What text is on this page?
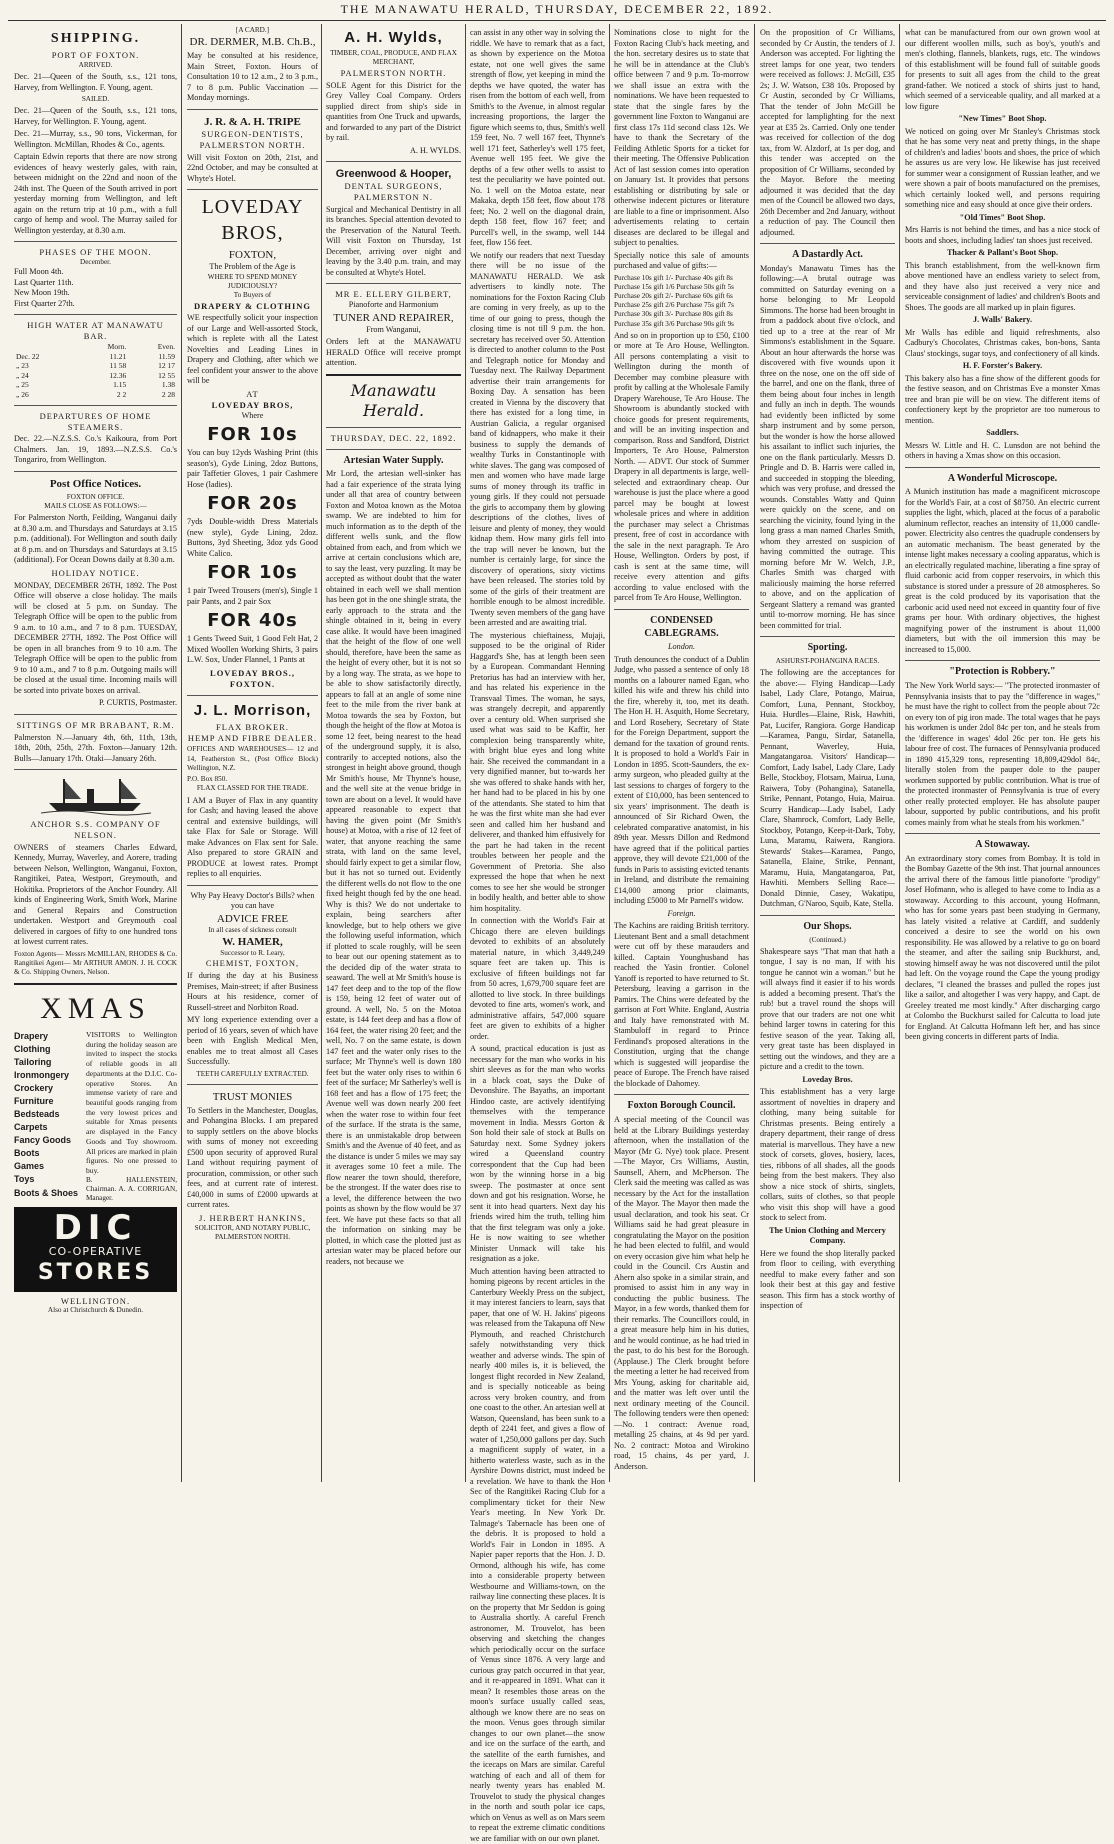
THE MANAWATU HERALD, THURSDAY, DECEMBER 22, 1892.
SHIPPING.
PORT OF FOXTON.
ARRIVED.

Dec. 21—Queen of the South, s.s., 121 tons, Harvey, from Wellington. F. Young, agent.

SAILED.

Dec. 21—Queen of the South, s.s., 121 tons, Harvey, for Wellington. F. Young, agent.

Dec. 21—Murray, s.s., 90 tons, Vickerman, for Wellington. McMillan, Rhodes & Co., agents.

Captain Edwin reports that there are now strong evidences of heavy westerly gales, with rain, between midnight on the 22nd and noon of the 24th inst. The Queen of the South arrived in port yesterday morning from Wellington, and left again on the return trip at 10 p.m., with a full cargo of hemp and wool. The Murray sailed for Wellington yesterday, at 8.30 a.m.

PHASES OF THE MOON.
December.
Full Moon 4th.
Last Quarter 11th.
New Moon 19th.
First Quarter 27th.
HIGH WATER AT MANAWATU BAR.
	Morn.	Even.
Dec. 22	11.21	11.59
„ 23	11 58	12 17
„ 24	12.36	12 55
„ 25	1.15	1.38
„ 26	2 2	2 28
DEPARTURES OF HOME STEAMERS.

Dec. 22.—N.Z.S.S. Co.'s Kaikoura, from Port Chalmers. Jan. 19, 1893.—N.Z.S.S. Co.'s Tongariro, from Wellington.

Post Office Notices.
FOXTON OFFICE.
MAILS CLOSE AS FOLLOWS:—

For Palmerston North, Feilding, Wanganui daily at 8.30 a.m. and Thursdays and Saturdays at 3.15 p.m. (additional). For Wellington and south daily at 8 p.m. and on Thursdays and Saturdays at 3.15 (additional). For Ocean Downs daily at 8.30 a.m.

HOLIDAY NOTICE.

MONDAY, DECEMBER 26TH, 1892. The Post Office will observe a close holiday. The mails will be closed at 5 p.m. on Sunday. The Telegraph Office will be open to the public from 9 a.m. to 10 a.m., and 7 to 8 p.m. TUESDAY, DECEMBER 27TH, 1892. The Post Office will be open in all branches from 9 to 10 a.m. The Telegraph Office will be open to the public from 9 to 10 a.m., and 7 to 8 p.m. Outgoing mails will be closed at the usual time. Incoming mails will be sorted into private boxes on arrival.

P. CURTIS, Postmaster.
SITTINGS OF MR BRABANT, R.M.

Palmerston N.—January 4th, 6th, 11th, 13th, 18th, 20th, 25th, 27th. Foxton—January 12th. Bulls—January 17th. Otaki—January 26th.

ANCHOR S.S. COMPANY OF NELSON.

OWNERS of steamers Charles Edward, Kennedy, Murray, Waverley, and Aorere, trading between Nelson, Wellington, Wanganui, Foxton, Rangitikei, Patea, Westport, Greymouth, and Hokitika. Proprietors of the Anchor Foundry. All kinds of Engineering Work, Smith Work, Marine and General Repairs and Construction undertaken. Westport and Greymouth coal delivered in cargoes of fifty to one hundred tons at lowest current rates.

Foxton Agents— Messrs McMILLAN, RHODES & Co. Rangitikei Agent— Mr ARTHUR AMON. J. H. COCK & Co. Shipping Owners, Nelson.

XMAS
Drapery
Clothing
Tailoring
Ironmongery
Crockery
Furniture
Bedsteads
Carpets
Fancy Goods
Boots
Games
Toys
Boots & Shoes
VISITORS to Wellington during the holiday season are invited to inspect the stocks of reliable goods in all departments at the D.I.C. Co-operative Stores. An immense variety of rare and beautiful goods ranging from the very lowest prices and suitable for Xmas presents are displayed in the Fancy Goods and Toy showroom. All prices are marked in plain figures. No one pressed to buy.
B. HALLENSTEIN, Chairman. A. A. CORRIGAN, Manager.
DIC
CO-OPERATIVE
STORES
WELLINGTON.
Also at Christchurch & Dunedin.
[A CARD.]
DR. DERMER, M.B. Ch.B.,

May be consulted at his residence, Main Street, Foxton. Hours of Consultation 10 to 12 a.m., 2 to 3 p.m., 7 to 8 p.m. Public Vaccination — Monday mornings.

J. R. & A. H. TRIPE
SURGEON-DENTISTS,
PALMERSTON NORTH.

Will visit Foxton on 20th, 21st, and 22nd October, and may be consulted at Whyte's Hotel.

LOVEDAY BROS,
FOXTON,
The Problem of the Age is
WHERE TO SPEND MONEY JUDICIOUSLY?
To Buyers of
DRAPERY & CLOTHING

WE respectfully solicit your inspection of our Large and Well-assorted Stock, which is replete with all the Latest Novelties and Leading Lines in Drapery and Clothing, after which we feel confident your answer to the above will be

AT
LOVEDAY BROS,
Where
FOR 10s

You can buy 12yds Washing Print (this season's), Gyde Lining, 2doz Buttons, pair Taffetier Gloves, 1 pair Cashmere Hose (ladies).

FOR 20s

7yds Double-width Dress Materials (new style), Gyde Lining, 2doz. Buttons, 3yd Sheeting, 3doz yds Good White Calico.

FOR 10s

1 pair Tweed Trousers (men's), Single 1 pair Pants, and 2 pair Sox

FOR 40s

1 Gents Tweed Suit, 1 Good Felt Hat, 2 Mixed Woollen Working Shirts, 3 pairs L.W. Sox, Under Flannel, 1 Pants at

LOVEDAY BROS., FOXTON.
J. L. Morrison,
FLAX BROKER.
HEMP AND FIBRE DEALER.

OFFICES AND WAREHOUSES— 12 and 14, Featherston St., (Post Office Block) Wellington, N.Z.

P.O. Box 850.
FLAX CLASSED FOR THE TRADE.

I AM a Buyer of Flax in any quantity for Cash; and having leased the above central and extensive buildings, will take Flax for Sale or Storage. Will make Advances on Flax sent for Sale. Also prepared to store GRAIN and PRODUCE at lowest rates. Prompt replies to all enquiries.

Why Pay Heavy Doctor's Bills? when you can have
ADVICE FREE
In all cases of sickness consult
W. HAMER,
Successor to R. Leary,
CHEMIST, FOXTON,

If during the day at his Business Premises, Main-street; if after Business Hours at his residence, corner of Russell-street and Norbiton Road.

MY long experience extending over a period of 16 years, seven of which have been with English Medical Men, enables me to treat almost all Cases Successfully.

TEETH CAREFULLY EXTRACTED.
TRUST MONIES

To Settlers in the Manchester, Douglas, and Pohangina Blocks. I am prepared to supply settlers on the above blocks with sums of money not exceeding £500 upon security of approved Rural Land without requiring payment of procuration, commission, or other such fees, and at current rate of interest. £40,000 in sums of £2000 upwards at current rates.

J. HERBERT HANKINS,
SOLICITOR, AND NOTARY PUBLIC,
PALMERSTON NORTH.
A. H. Wylds,
TIMBER, COAL, PRODUCE, AND FLAX MERCHANT,
PALMERSTON NORTH.

SOLE Agent for this District for the Grey Valley Coal Company. Orders supplied direct from ship's side in quantities from One Truck and upwards, and forwarded to any part of the District by rail.

A. H. WYLDS.
Greenwood & Hooper,
DENTAL SURGEONS,
PALMERSTON N.

Surgical and Mechanical Dentistry in all its branches. Special attention devoted to the Preservation of the Natural Teeth. Will visit Foxton on Thursday, 1st December, arriving over night and leaving by the 3.40 p.m. train, and may be consulted at Whyte's Hotel.

MR E. ELLERY GILBERT,
Pianoforte and Harmonium
TUNER AND REPAIRER,
From Wanganui,

Orders left at the MANAWATU HERALD Office will receive prompt attention.

Manawatu Herald.
THURSDAY, DEC. 22, 1892.
Artesian Water Supply.

Mr Lord, the artesian well-sinker has had a fair experience of the strata lying under all that area of country between Foxton and Motoa known as the Motoa swamp. We are indebted to him for much information as to the depth of the different wells sunk, and the flow obtained from each, and from which we arrive at certain conclusions which are, to say the least, very puzzling. It may be accepted as without doubt that the water obtained in each well we shall mention has been got in the one shingle strata, the early approach to the strata and the shingle obtained in it, being in every case alike. It would have been imagined that the height of the flow of one well should, therefore, have been the same as the height of every other, but it is not so by a long way. The strata, as we hope to be able to show satisfactorily directly, appears to fall at an angle of some nine feet to the mile from the river bank at Motoa towards the sea by Foxton, but though the height of the flow at Motoa is some 12 feet, being nearest to the head of the underground supply, it is also, contrarily to accepted notions, also the strongest in height above ground, though Mr Smith's house, Mr Thynne's house, and the well site at the venue bridge in town are about on a level. It would have appeared reasonable to expect that having the given point (Mr Smith's house) at Motoa, with a rise of 12 feet of water, that anyone reaching the same strata, with land on the same level, should fairly expect to get a similar flow, but it has not so turned out. Evidently the different wells do not flow to the one fixed height though fed by the one head. Why is this? We do not undertake to explain, being searchers after knowledge, but to help others we give the following useful information, which if plotted to scale roughly, will be seen to bear out our opening statement as to the decided dip of the water strata to seaward. The well at Mr Smith's house is 147 feet deep and to the top of the flow is 159, being 12 feet of water out of ground. A well, No. 5 on the Motoa estate, is 144 feet deep and has a flow of 164 feet, the water rising 20 feet; and the well, No. 7 on the same estate, is down 147 feet and the water only rises to the surface; Mr Thynne's well is down 180 feet but the water only rises to within 6 feet of the surface; Mr Satherley's well is 168 feet and has a flow of 175 feet; the Avenue well was down nearly 200 feet when the water rose to within four feet of the surface. If the strata is the same, there is an unmistakable drop between Smith's and the Avenue of 40 feet, and as the distance is under 5 miles we may say it averages some 10 feet a mile. The flow nearer the town should, therefore, be the strongest. If the water does rise to a level, the difference between the two points as shown by the flow would be 37 feet. We have put these facts so that all the information on sinking may be plotted, in which case the plotted just as artesian water may be placed before our readers, not because we

can assist in any other way in solving the riddle. We have to remark that as a fact, as shown by experience on the Motoa estate, not one well gives the same strength of flow, yet keeping in mind the depths we have quoted, the water has risen from the bottom of each well, from Smith's to the Avenue, in almost regular increasing proportions, the larger the figure which seems to, thus, Smith's well 159 feet, No. 7 well 167 feet, Thynne's well 171 feet, Satherley's well 175 feet, Avenue well 195 feet. We give the depths of a few other wells to assist to test the peculiarity we have pointed out. No. 1 well on the Motoa estate, near Makaka, depth 158 feet, flow about 178 feet; No. 2 well on the diagonal drain, depth 158 feet, flow 167 feet; and Purcell's well, in the swamp, well 144 feet, flow 156 feet.

We notify our readers that next Tuesday there will be no issue of the MANAWATU HERALD. We ask advertisers to kindly note. The nominations for the Foxton Racing Club are coming in very freely, as up to the time of our going to press, though the closing time is not till 9 p.m. the hon. secretary has received over 50. Attention is directed to another column to the Post and Telegraph notice for Monday and Tuesday next. The Railway Department advertise their train arrangements for Boxing Day. A sensation has been created in Vienna by the discovery that there has existed for a long time, in Austrian Galicia, a regular organised band of kidnappers, who make it their business to supply the demands of wealthy Turks in Constantinople with white slaves. The gang was composed of men and women who have made large sums of money through its traffic in young girls. If they could not persuade the girls to accompany them by glowing descriptions of the clothes, lives of leisure and plenty of money, they would kidnap them. How many girls fell into the trap will never be known, but the number is certainly large, for since the discovery of operations, sixty victims have been released. The stories told by some of the girls of their treatment are horrible enough to be almost incredible. Twenty seven members of the gang have been arrested and are awaiting trial.

The mysterious chieftainess, Mujaji, supposed to be the original of Rider Haggard's She, has at length been seen by a European. Commandant Henning Pretorius has had an interview with her, and has related his experience in the Transvaal Times. The woman, he says, was strangely decrepit, and apparently over a century old. When surprised she used what was said to be Kaffir, her complexion being transparently white, with bright blue eyes and long white hair. She received the commandant in a very dignified manner, but to-wards her she was offered to shake hands with her, her hand had to be placed in his by one of the attendants. She stated to him that he was the first white man she had ever seen and called him her husband and deliverer, and thanked him effusively for the part he had taken in the recent troubles between her people and the Government of Pretoria. She also expressed the hope that when he next comes to see her she would be stronger in bodily health, and better able to show him hospitality.

In connection with the World's Fair at Chicago there are eleven buildings devoted to exhibits of an absolutely material nature, in which 3,449,249 square feet are taken up. This is exclusive of fifteen buildings not far from 50 acres, 1,679,700 square feet are allotted to live stock. In three buildings devoted to fine arts, women's work, and administrative affairs, 547,000 square feet are given to exhibits of a higher order.

A sound, practical education is just as necessary for the man who works in his shirt sleeves as for the man who works in a black coat, says the Duke of Devonshire. The Bayaths, an important Hindoo caste, are actively identifying themselves with the temperance movement in India. Messrs Gorton & Son hold their sale of stock at Bulls on Saturday next. Some Sydney jokers wired a Queensland country correspondent that the Cup had been won by the winning horse in a big sweep. The postmaster at once sent down and got his resignation. Worse, he sent it into head quarters. Next day his friends wired him the truth, telling him that the first telegram was only a joke. He is now waiting to see whether Minister Unmack will take his resignation as a joke.

Much attention having been attracted to homing pigeons by recent articles in the Canterbury Weekly Press on the subject, it may interest fanciers to learn, says that paper, that one of W. H. Jakins' pigeons was released from the Takapuna off New Plymouth, and reached Christchurch safely notwithstanding very thick weather and adverse winds. The spin of nearly 400 miles is, it is believed, the longest flight recorded in New Zealand, and is specially noticeable as being across very broken country, and from one coast to the other. An artesian well at Watson, Queensland, has been sunk to a depth of 2241 feet, and gives a flow of water of 1,250,000 gallons per day. Such a magnificent supply of water, in a hitherto waterless waste, such as in the Ayrshire Downs district, must indeed be a revelation. We have to thank the Hon Sec of the Rangitikei Racing Club for a complimentary ticket for their New Year's meeting. In New York Dr. Talmage's Tabernacle has been one of the debris. It is proposed to hold a World's Fair in London in 1895. A Napier paper reports that the Hon. J. D. Ormond, although his wife, has come into a considerable property between Westbourne and Williams-town, on the railway line connecting these places. It is on the property that Mr Seddon is going to Australia shortly. A careful French astronomer, M. Trouvelot, has been observing and sketching the changes which periodically occur on the surface of Venus since 1876. A very large and curious gray patch occurred in that year, and it re-appeared in 1891. What can it mean? It resembles those areas on the moon's surface usually called seas, although we know there are no seas on the moon. Venus goes through similar changes to our own planet—the snow and ice on the surface of the earth, and the satellite of the earth furnishes, and the icecaps on Mars are similar. Careful watching of each and all of them for nearly twenty years has enabled M. Trouvelot to study the physical changes in the north and south polar ice caps, which on Venus as well as on Mars seem to repeat the extreme climatic conditions we are familiar with on our own planet.

Nominations close to night for the Foxton Racing Club's hack meeting, and the hon. secretary desires us to state that he will be in attendance at the Club's office between 7 and 9 p.m. To-morrow we shall issue an extra with the nominations. We have been requested to state that the single fares by the government line Foxton to Wanganui are first class 17s 11d second class 12s. We have to thank the Secretary of the Feilding Athletic Sports for a ticket for their meeting. The Offensive Publication Act of last session comes into operation on January 1st. It provides that persons establishing or distributing by sale or otherwise indecent pictures or literature are liable to a fine or imprisonment. Also advertisements relating to certain diseases are declared to be illegal and subject to penalties.

Specially notice this sale of amounts purchased and value of gifts:—

Purchase 10s gift 1/- Purchase 40s gift 8s
Purchase 15s gift 1/6 Purchase 50s gift 5s
Purchase 20s gift 2/- Purchase 60s gift 6s
Purchase 25s gift 2/6 Purchase 75s gift 7s
Purchase 30s gift 3/- Purchase 80s gift 8s
Purchase 35s gift 3/6 Purchase 90s gift 9s

And so on in proportion up to £50, £100 or more at Te Aro House, Wellington. All persons contemplating a visit to Wellington during the month of December may combine pleasure with profit by calling at the Wholesale Family Drapery Warehouse, Te Aro House. The Showroom is abundantly stocked with choice goods for present requirements, and will be an inviting inspection and comparison. Ross and Sandford, District Importers, Te Aro House, Palmerston North. — ADVT. Our stock of Summer Drapery in all departments is large, well-selected and extraordinary cheap. Our warehouse is just the place where a good parcel may be bought at lowest wholesale prices and where in addition the purchaser may select a Christmas present, free of cost in accordance with the sale in the next paragraph. Te Aro House, Wellington. Orders by post, if cash is sent at the same time, will receive every attention and gifts according to value enclosed with the parcel from Te Aro House, Wellington.

CONDENSED CABLEGRAMS.
London.

Truth denounces the conduct of a Dublin Judge, who passed a sentence of only 18 months on a labourer named Egan, who killed his wife and threw his child into the fire, whereby it, too, met its death. The Hon H. H. Asquith, Home Secretary, and Lord Rosebery, Secretary of State for the Foreign Department, support the demand for the taxation of ground rents. It is proposed to hold a World's Fair in London in 1895. Scott-Saunders, the ex-army surgeon, who pleaded guilty at the last sessions to charges of forgery to the extent of £10,000, has been sentenced to six years' imprisonment. The death is announced of Sir Richard Owen, the celebrated comparative anatomist, in his 89th year. Messrs Dillon and Redmond have agreed that if the political parties approve, they will devote £21,000 of the funds in Paris to assisting evicted tenants in Ireland, and distribute the remaining £14,000 among prior claimants, including £5000 to Mr Parnell's widow.

Foreign.

The Kachins are raiding British territory. Lieutenant Bent and a small detachment were cut off by these marauders and killed. Captain Younghusband has reached the Yasin frontier. Colonel Yanoff is reported to have returned to St. Petersburg, leaving a garrison in the Pamirs. The Chins were defeated by the garrison at Fort White. England, Austria and Italy have remonstrated with M. Stambuloff in regard to Prince Ferdinand's proposed alterations in the Constitution, urging that the change which is suggested will jeopardise the peace of Europe. The French have raised the blockade of Dahomey.

Foxton Borough Council.

A special meeting of the Council was held at the Library Buildings yesterday afternoon, when the installation of the Mayor (Mr G. Nye) took place. Present—The Mayor, Crs Williams, Austin, Saunsell, Ahern, and McPherson. The Clerk said the meeting was called as was necessary by the Act for the installation of the Mayor. The Mayor then made the usual declaration, and took his seat. Cr Williams said he had great pleasure in congratulating the Mayor on the position he had been elected to fulfil, and would on every occasion give him what help he could in the Council. Crs Austin and Ahern also spoke in a similar strain, and promised to assist him in any way in conducting the public business. The Mayor, in a few words, thanked them for their remarks. The Councillors could, in a great measure help him in his duties, and he would continue, as he had tried in the past, to do his best for the Borough. (Applause.) The Clerk brought before the meeting a letter he had received from Mrs Young, asking for charitable aid, and the matter was left over until the next ordinary meeting of the Council. The following tenders were then opened:—No. 1 contract: Avenue road, metalling 25 chains, at 4s 9d per yard. No. 2 contract: Motoa and Wirokino road, 15 chains, 4s per yard, J. Anderson.

On the proposition of Cr Williams, seconded by Cr Austin, the tenders of J. Anderson was accepted. For lighting the street lamps for one year, two tenders were received as follows: J. McGill, £35 2s; J. W. Watson, £38 10s. Proposed by Cr Austin, seconded by Cr Williams, That the tender of John McGill be accepted for lamplighting for the next year at £35 2s. Carried. Only one tender was received for collection of the dog tax, from W. Alzdorf, at 1s per dog, and this tender was accepted on the proposition of Cr Williams, seconded by the Mayor. Before the meeting adjourned it was decided that the day men of the Council be allowed two days, 26th December and 2nd January, without a reduction of pay. The Council then adjourned.

A Dastardly Act.

Monday's Manawatu Times has the following:—A brutal outrage was committed on Saturday evening on a horse belonging to Mr Leopold Simmons. The horse had been brought in from a paddock about five o'clock, and tied up to a tree at the rear of Mr Simmons's establishment in the Square. About an hour afterwards the horse was discovered with five wounds upon it three on the nose, one on the off side of the barrel, and one on the flank, three of them being about four inches in length and fully an inch in depth. The wounds had evidently been inflicted by some sharp instrument and by some person, but the wonder is how the horse allowed his assailant to inflict such injuries, the one on the flank particularly. Messrs D. Pringle and D. B. Harris were called in, and succeeded in stopping the bleeding, which was very profuse, and dressed the wounds. Constables Watty and Quinn were quickly on the scene, and on searching the vicinity, found lying in the long grass a man named Charles Smith, whom they arrested on suspicion of having committed the outrage. This morning before Mr W. Welch, J.P., Charles Smith was charged with maliciously maiming the horse referred to above, and on the application of Sergeant Slattery a remand was granted until to-morrow morning. He has since been committed for trial.

Sporting.
ASHURST-POHANGINA RACES.

The following are the acceptances for the above:— Flying Handicap—Lady Isabel, Lady Clare, Potango, Mairua, Comfort, Luna, Pennant, Stockboy, Huia. Hurdles—Elaine, Risk, Hawhiti, Pat, Lucifer, Rangiora. Gorge Handicap—Karamea, Pangu, Sirdar, Satanella, Pennant, Waverley, Huia, Mangatangaroa. Visitors' Handicap—Comfort, Lady Isabel, Lady Clare, Lady Belle, Stockboy, Flotsam, Mairua, Luna, Raiwera, Toby (Pohangina), Satanella, Strike, Pennant, Potango, Huia, Mairua. Scurry Handicap—Lady Isabel, Lady Clare, Shamrock, Comfort, Lady Belle, Stockboy, Potango, Keep-it-Dark, Toby, Luna, Maramu, Raiwera, Rangiora. Stewards' Stakes—Karamea, Pango, Satanella, Elaine, Strike, Pennant, Maramu, Huia, Mangatangaroa, Pat, Hawhiti. Members Selling Race—Donald Dinnie, Casey, Wakatipu, Dutchman, G'Naroo, Squib, Kate, Stella.

Our Shops.
(Continued.)

Shakespeare says "That man that hath a tongue, I say is no man, If with his tongue he cannot win a woman." but he will always find it easier if to his words is added a becoming present. That's the rub! but a travel round the shops will prove that our traders are not one whit behind larger towns in catering for this festive season of the year. Taking all, very great taste has been displayed in setting out the windows, and they are a picture and a credit to the town.

Loveday Bros.

This establishment has a very large assortment of novelties in drapery and clothing, many being suitable for Christmas presents. Being entirely a drapery department, their range of dress material is marvellous. They have a new stock of corsets, gloves, hosiery, laces, ties, ribbons of all shades, all the goods being from the best makers. They also show a nice stock of shirts, singlets, collars, suits of clothes, so that people who visit this shop will have a good stock to select from.

The Union Clothing and Mercery Company.

Here we found the shop literally packed from floor to ceiling, with everything needful to make every father and son look their best at this gay and festive season. This firm has a stock worthy of inspection of

what can be manufactured from our own grown wool at our different woollen mills, such as boy's, youth's and men's clothing, flannels, blankets, rugs, etc. The windows of this establishment will be found full of suitable goods for presents to suit all ages from the child to the great grand-father. We noticed a stock of shirts just to hand, which seemed of a serviceable quality, and all marked at a low figure

"New Times" Boot Shop.

We noticed on going over Mr Stanley's Christmas stock that he has some very neat and pretty things, in the shape of children's and ladies' boots and shoes, the price of which he assures us are very low. He likewise has just received for summer wear a consignment of Russian leather, and we were shown a pair of boots manufactured on the premises, which certainly looked well, and persons requiring something nice and easy should at once give their orders.

"Old Times" Boot Shop.

Mrs Harris is not behind the times, and has a nice stock of boots and shoes, including ladies' tan shoes just received.

Thacker & Pallant's Boot Shop.

This branch establishment, from the well-known firm above mentioned have an endless variety to select from, and they have also just received a very nice and serviceable consignment of ladies' and children's Boots and Shoes. The goods are all marked up in plain figures.

J. Walls' Bakery.

Mr Walls has edible and liquid refreshments, also Cadbury's Chocolates, Christmas cakes, bon-bons, Santa Claus' stockings, sugar toys, and confectionery of all kinds.

H. F. Forster's Bakery.

This bakery also has a fine show of the different goods for the festive season, and on Christmas Eve a monster Xmas tree and bran pie will be on view. The different items of confectionery kept by the proprietor are too numerous to mention.

Saddlers.

Messrs W. Little and H. C. Lunsdon are not behind the others in having a Xmas show on this occasion.

A Wonderful Microscope.

A Munich institution has made a magnificent microscope for the World's Fair, at a cost of $8750. An electric current supplies the light, which, placed at the focus of a parabolic aluminum reflector, reaches an intensity of 11,000 candle-power. Electricity also centres the quadruple condensers by an automatic mechanism. The beast generated by the intense light makes necessary a cooling apparatus, which is an electrically regulated machine, liberating a fine spray of fluid carbonic acid from copper reservoirs, in which this substance is stored under a pressure of 28 atmospheres. So great is the cold produced by its vaporisation that the carbonic acid used need not exceed in quantity four of five grams per hour. With ordinary objectives, the highest magnifying power of the instrument is about 11,000 diameters, but with the oil immersion this may be increased to 15,000.

"Protection is Robbery."

The New York World says:— "The protected ironmaster of Pennsylvania insists that to pay the "difference in wages," he must have the right to collect from the people about 72c on every ton of pig iron made. The total wages that he pays his workmen is under 2dol 84c per ton, and he steals from the 'difference in wages' 4dol 26c per ton. He gets his labour free of cost. The furnaces of Pennsylvania produced in 1890 415,329 tons, representing 18,809,429dol 84c, literally stolen from the pauper dole to the pauper workmen supported by public contribution. What is true of the protected ironmaster of Pennsylvania is true of every other really protected employer. He has absolute pauper labour, supported by public contributions, and his profit comes mainly from what he steals from his workmen."

A Stowaway.

An extraordinary story comes from Bombay. It is told in the Bombay Gazette of the 9th inst. That journal announces the arrival there of the famous little pianoforte "prodigy" Josef Hofmann, who is alleged to have come to India as a stowaway. According to this account, young Hofmann, who has for some years past been studying in Germany, has lately visited a relative at Cardiff, and suddenly conceived a desire to see the world on his own responsibility. He was allowed by a relative to go on board the steamer, and after the sailing snip Buckhurst, and, stowing himself away he was not discovered until the pilot had left. On the voyage round the Cape the young prodigy declares, "I cleaned the brasses and pulled the ropes just like a sailor, and altogether I was very happy, and Capt. de Greeley treated me most kindly." After discharging cargo at Colombo the Buckhurst sailed for Calcutta to load jute for England. At Calcutta Hofmann left her, and has since been giving concerts in different parts of India.
